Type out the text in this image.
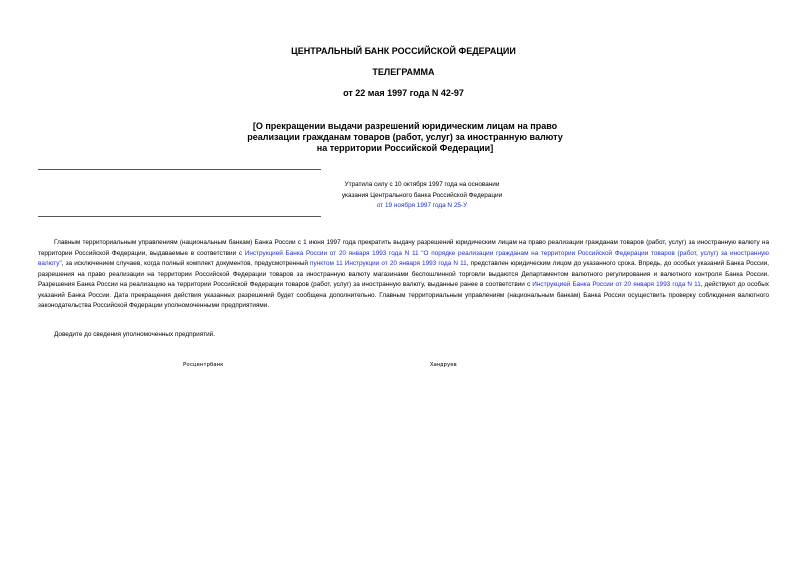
ЦЕНТРАЛЬНЫЙ БАНК РОССИЙСКОЙ ФЕДЕРАЦИИ
ТЕЛЕГРАММА
от 22 мая 1997 года N 42-97
[О прекращении выдачи разрешений юридическим лицам на право
реализации гражданам товаров (работ, услуг) за иностранную валюту
на территории Российской Федерации]
Утратила силу с 10 октября 1997 года на основании
указания Центрального банка Российской Федерации
от 19 ноября 1997 года N 25-У

Главным территориальным управлениям (национальным банкам) Банка России с 1 июня 1997 года прекратить выдачу разрешений юридическим лицам на право реализации гражданам товаров (работ, услуг) за иностранную валюту на территории Российской Федерации, выдаваемые в соответствии с Инструкцией Банка России от 20 января 1993 года N 11 "О порядке реализации гражданам на территории Российской Федерации товаров (работ, услуг) за иностранную валюту", за исключением случаев, когда полный комплект документов, предусмотренный пунктом 11 Инструкции от 20 января 1993 года N 11, представлен юридическим лицом до указанного срока. Впредь, до особых указаний Банка России, разрешения на право реализации на территории Российской Федерации товаров за иностранную валюту магазинами беспошлинной торговли выдаются Департаментом валютного регулирования и валютного контроля Банка России. Разрешения Банка России на реализацию на территории Российской Федерации товаров (работ, услуг) за иностранную валюту, выданные ранее в соответствии с Инструкцией Банка России от 20 января 1993 года N 11, действуют до особых указаний Банка России. Дата прекращения действия указанных разрешений будет сообщена дополнительно. Главным территориальным управлениям (национальным банкам) Банка России осуществить проверку соблюдения валютного законодательства Российской Федерации уполномоченными предприятиями.

Доведите до сведения уполномоченных предприятий.

Росцентрбанк	Хандруев
